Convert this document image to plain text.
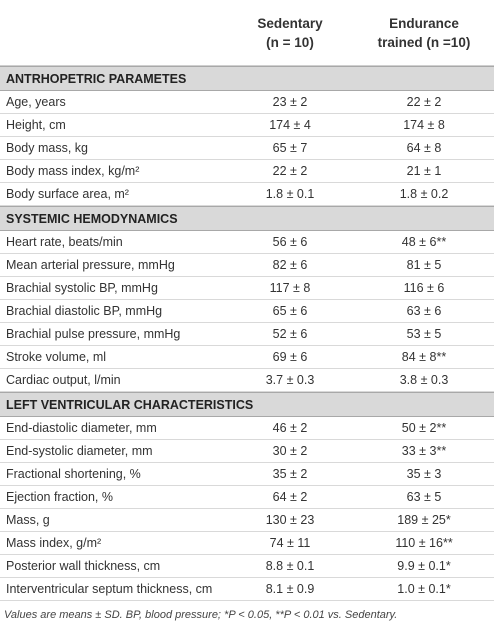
Sedentary
(n = 10)
Endurance
trained (n =10)
ANTRHOPETRIC PARAMETES
Age, years	23 ± 2	22 ± 2
Height, cm	174 ± 4	174 ± 8
Body mass, kg	65 ± 7	64 ± 8
Body mass index, kg/m²	22 ± 2	21 ± 1
Body surface area, m²	1.8 ± 0.1	1.8 ± 0.2
SYSTEMIC HEMODYNAMICS
Heart rate, beats/min	56 ± 6	48 ± 6**
Mean arterial pressure, mmHg	82 ± 6	81 ± 5
Brachial systolic BP, mmHg	117 ± 8	116 ± 6
Brachial diastolic BP, mmHg	65 ± 6	63 ± 6
Brachial pulse pressure, mmHg	52 ± 6	53 ± 5
Stroke volume, ml	69 ± 6	84 ± 8**
Cardiac output, l/min	3.7 ± 0.3	3.8 ± 0.3
LEFT VENTRICULAR CHARACTERISTICS
End-diastolic diameter, mm	46 ± 2	50 ± 2**
End-systolic diameter, mm	30 ± 2	33 ± 3**
Fractional shortening, %	35 ± 2	35 ± 3
Ejection fraction, %	64 ± 2	63 ± 5
Mass, g	130 ± 23	189 ± 25*
Mass index, g/m²	74 ± 11	110 ± 16**
Posterior wall thickness, cm	8.8 ± 0.1	9.9 ± 0.1*
Interventricular septum thickness, cm	8.1 ± 0.9	1.0 ± 0.1*
Values are means ± SD. BP, blood pressure; *P < 0.05, **P < 0.01 vs. Sedentary.
